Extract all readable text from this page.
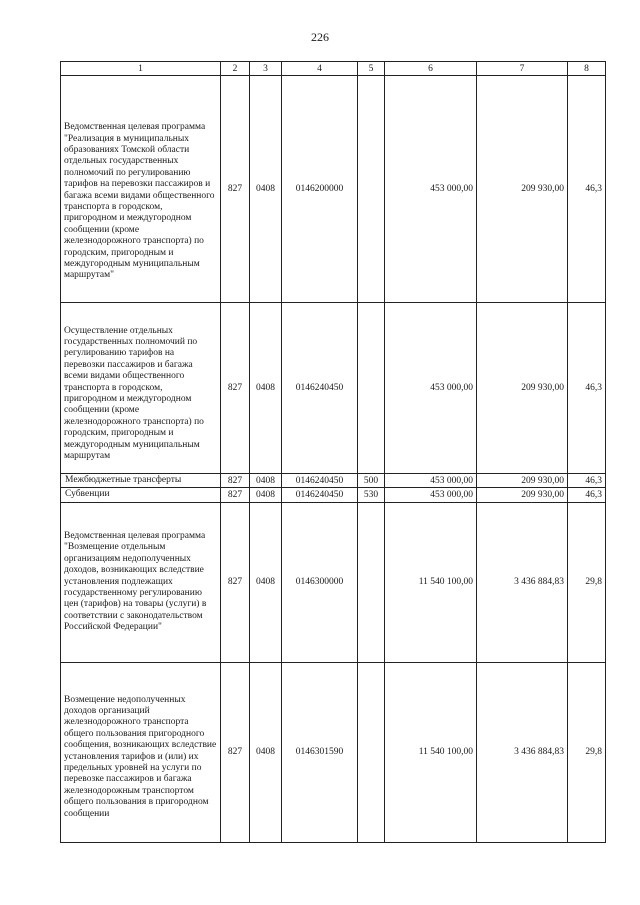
226
1	2	3	4	5	6	7	8
Ведомственная целевая программа "Реализация в муниципальных образованиях Томской области отдельных государственных полномочий по регулированию тарифов на перевозки пассажиров и багажа всеми видами общественного транспорта в городском, пригородном и междугородном сообщении (кроме железнодорожного транспорта) по городским, пригородным и междугородным муниципальным маршрутам"	827	0408	0146200000		453 000,00	209 930,00	46,3
Осуществление отдельных государственных полномочий по регулированию тарифов на перевозки пассажиров и багажа всеми видами общественного транспорта в городском, пригородном и междугородном сообщении (кроме железнодорожного транспорта) по городским, пригородным и междугородным муниципальным маршрутам	827	0408	0146240450		453 000,00	209 930,00	46,3
Межбюджетные трансферты	827	0408	0146240450	500	453 000,00	209 930,00	46,3
Субвенции	827	0408	0146240450	530	453 000,00	209 930,00	46,3
Ведомственная целевая программа "Возмещение отдельным организациям недополученных доходов, возникающих вследствие установления подлежащих государственному регулированию цен (тарифов) на товары (услуги) в соответствии с законодательством Российской Федерации"	827	0408	0146300000		11 540 100,00	3 436 884,83	29,8
Возмещение недополученных доходов организаций железнодорожного транспорта общего пользования пригородного сообщения, возникающих вследствие установления тарифов и (или) их предельных уровней на услуги по перевозке пассажиров и багажа железнодорожным транспортом общего пользования в пригородном сообщении	827	0408	0146301590		11 540 100,00	3 436 884,83	29,8
